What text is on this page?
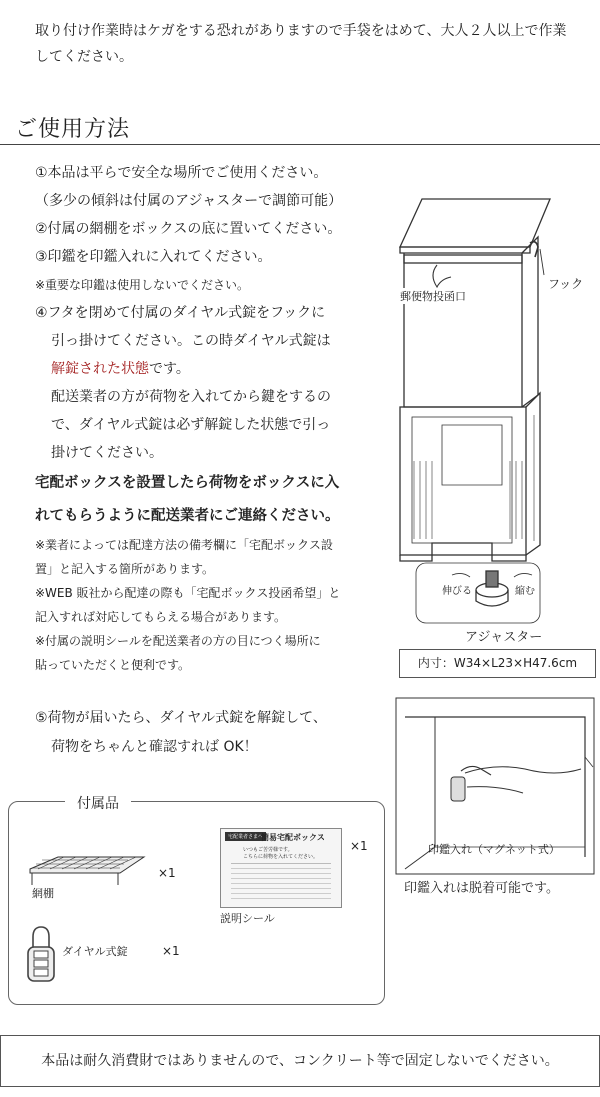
取り付け作業時はケガをする恐れがありますので手袋をはめて、大人２人以上で作業してください。
ご使用方法
①本品は平らで安全な場所でご使用ください。
（多少の傾斜は付属のアジャスターで調節可能）
②付属の網棚をボックスの底に置いてください。
③印鑑を印鑑入れに入れてください。
※重要な印鑑は使用しないでください。
④フタを閉めて付属のダイヤル式錠をフックに
引っ掛けてください。この時ダイヤル式錠は
解錠された状態です。
配送業者の方が荷物を入れてから鍵をするの
で、ダイヤル式錠は必ず解錠した状態で引っ
掛けてください。
宅配ボックスを設置したら荷物をボックスに入
れてもらうように配送業者にご連絡ください。
※業者によっては配達方法の備考欄に「宅配ボックス設
置」と記入する箇所があります。
※WEB 販社から配達の際も「宅配ボックス投函希望」と
記入すれば対応してもらえる場合があります。
※付属の説明シールを配送業者の方の目につく場所に
貼っていただくと便利です。
郵便物投函口
フック
伸びる	縮む
アジャスター
内寸：W34×L23×H47.6cm
⑤荷物が届いたら、ダイヤル式錠を解錠して、
荷物をちゃんと確認すれば OK！
印鑑入れ（マグネット式）
印鑑入れは脱着可能です。
付属品
網棚
×1
宅配業者さまへ
簡易宅配ボックス
いつもご苦労様です。
こちらに荷物を入れてください。
説明シール
×1
ダイヤル式錠	×1
本品は耐久消費財ではありませんので、コンクリート等で固定しないでください。
